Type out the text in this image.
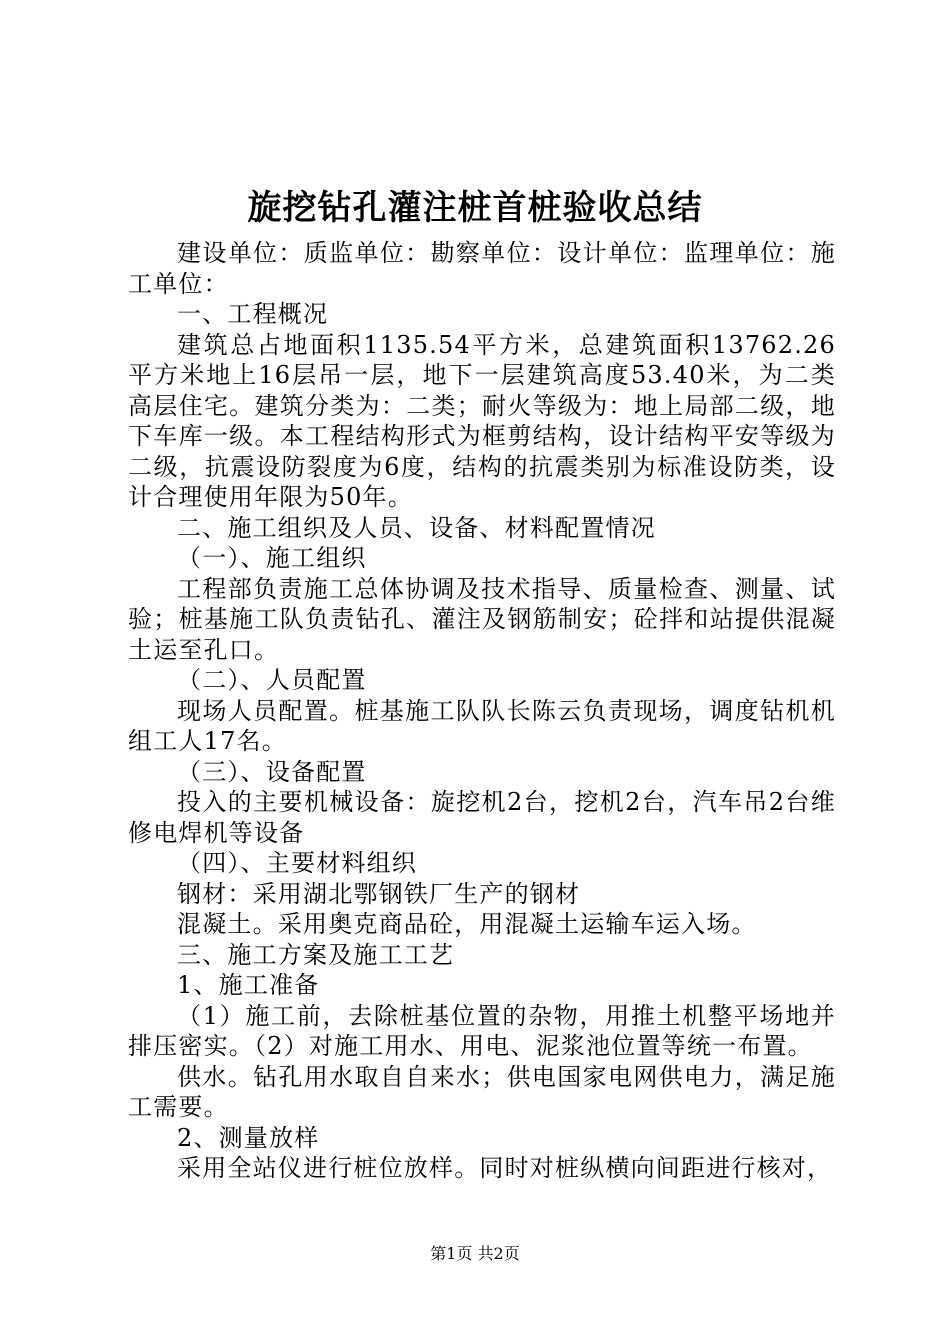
旋挖钻孔灌注桩首桩验收总结

建设单位：质监单位：勘察单位：设计单位：监理单位：施工单位：

一、工程概况

建筑总占地面积1135.54平方米，总建筑面积13762.26平方米地上16层吊一层，地下一层建筑高度53.40米，为二类高层住宅。建筑分类为：二类；耐火等级为：地上局部二级，地下车库一级。本工程结构形式为框剪结构，设计结构平安等级为二级，抗震设防裂度为6度，结构的抗震类别为标准设防类，设计合理使用年限为50年。

二、施工组织及人员、设备、材料配置情况

（一）、施工组织

工程部负责施工总体协调及技术指导、质量检查、测量、试验；桩基施工队负责钻孔、灌注及钢筋制安；砼拌和站提供混凝土运至孔口。

（二）、人员配置

现场人员配置。桩基施工队队长陈云负责现场，调度钻机机组工人17名。

（三）、设备配置

投入的主要机械设备：旋挖机2台，挖机2台，汽车吊2台维修电焊机等设备

（四）、主要材料组织

钢材：采用湖北鄂钢铁厂生产的钢材

混凝土。采用奥克商品砼，用混凝土运输车运入场。

三、施工方案及施工工艺

1、施工准备

（1）施工前，去除桩基位置的杂物，用推土机整平场地并排压密实。（2）对施工用水、用电、泥浆池位置等统一布置。

供水。钻孔用水取自自来水；供电国家电网供电力，满足施工需要。

2、测量放样

采用全站仪进行桩位放样。同时对桩纵横向间距进行核对，

第1页 共2页
